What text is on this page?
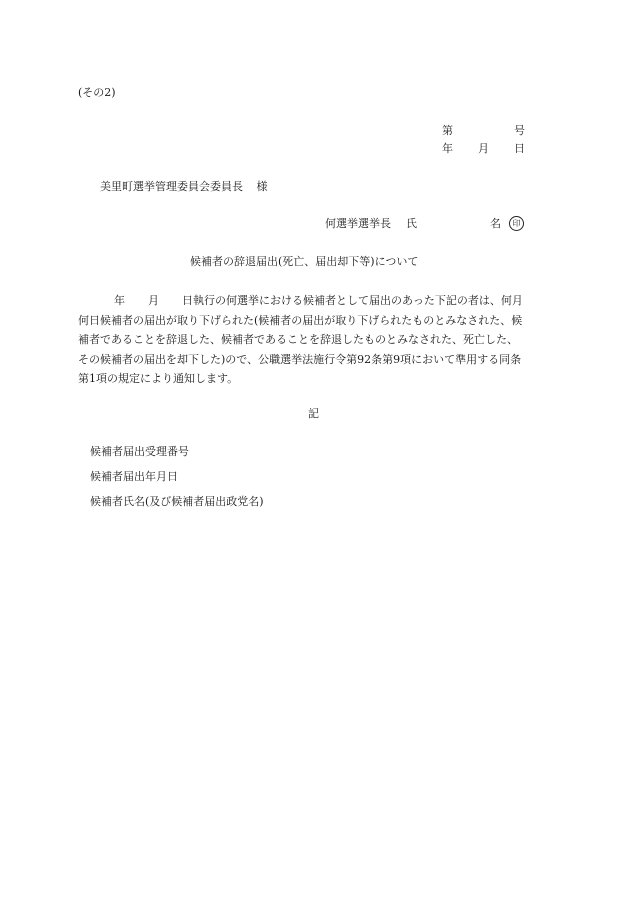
(その2)
第	号
年 月 日
美里町選挙管理委員会委員長 様
何選挙選挙長 氏	名	印
候補者の辞退届出(死亡、届出却下等)について
年 月 日執行の何選挙における候補者として届出のあった下記の者は、何月
何日候補者の届出が取り下げられた(候補者の届出が取り下げられたものとみなされた、候
補者であることを辞退した、候補者であることを辞退したものとみなされた、死亡した、
その候補者の届出を却下した)ので、公職選挙法施行令第92条第9項において準用する同条
第1項の規定により通知します。
記
候補者届出受理番号
候補者届出年月日
候補者氏名(及び候補者届出政党名)
